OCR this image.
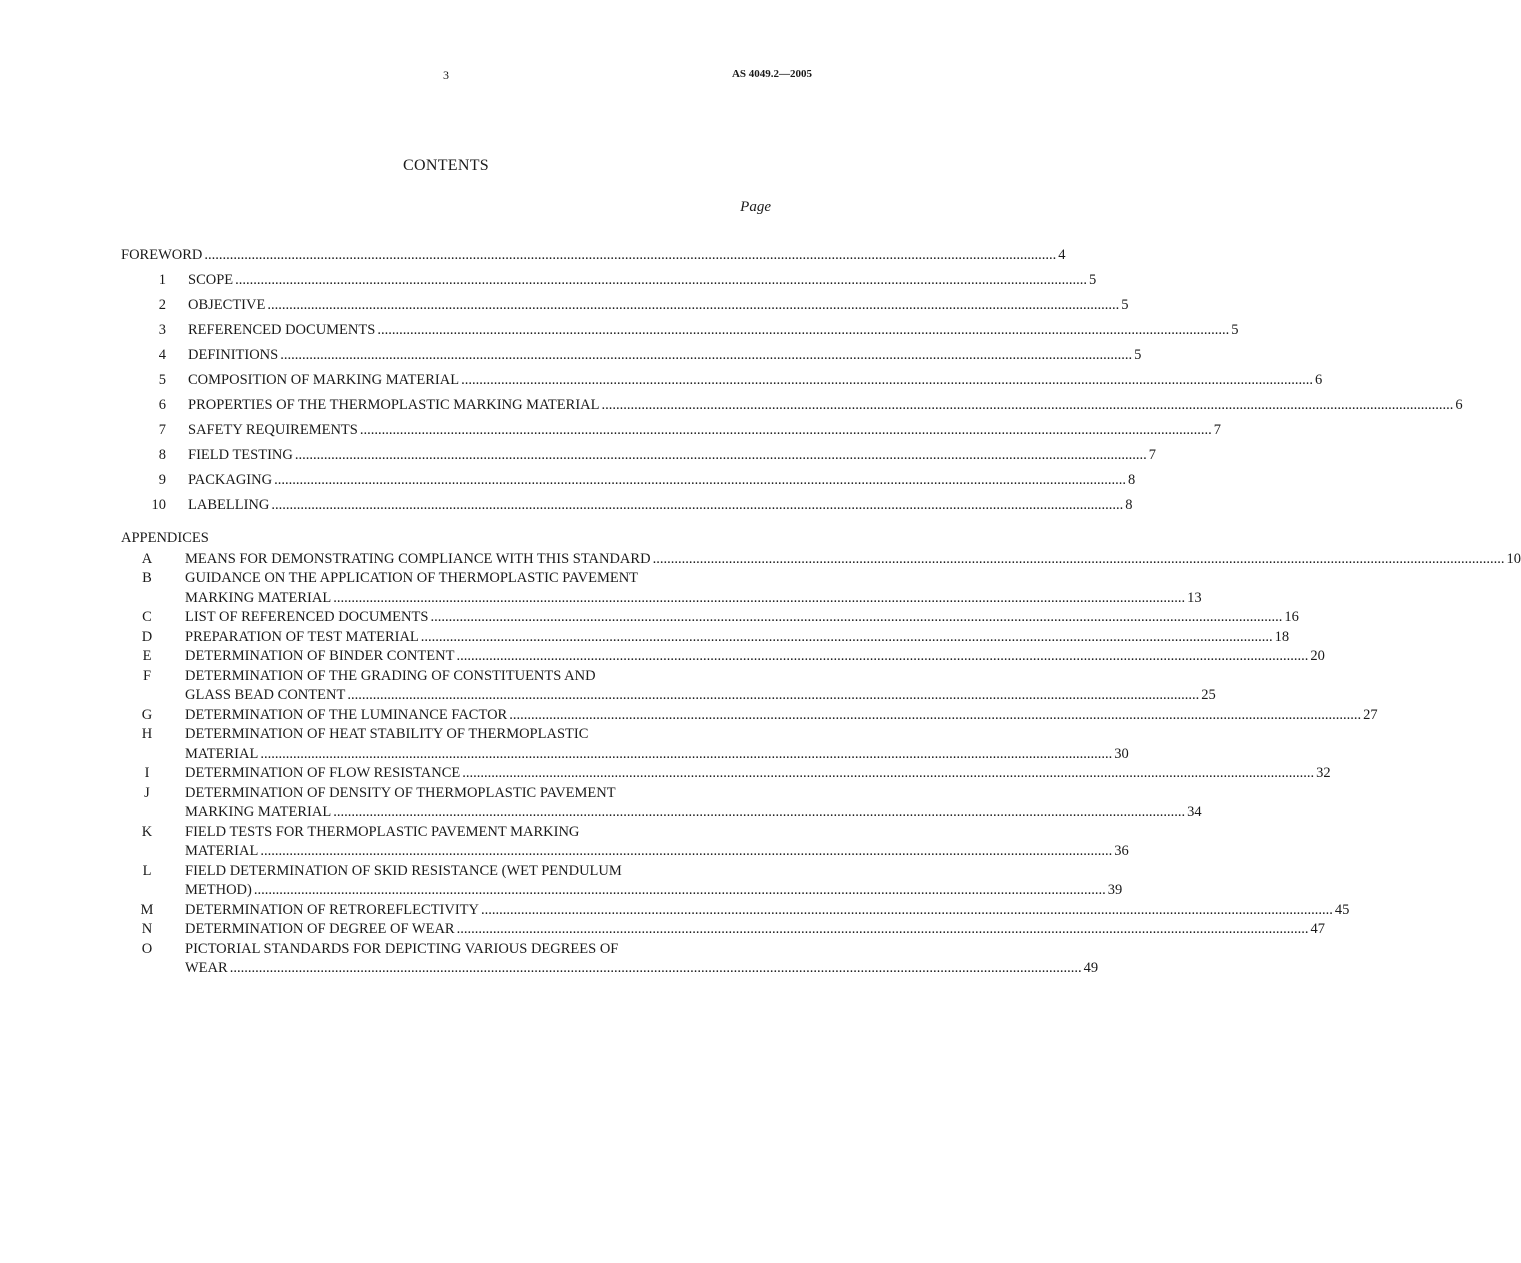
3	AS 4049.2—2005
CONTENTS
Page
FOREWORD .....	4
1	SCOPE .....	5
2	OBJECTIVE .....	5
3	REFERENCED DOCUMENTS .....	5
4	DEFINITIONS .....	5
5	COMPOSITION OF MARKING MATERIAL .....	6
6	PROPERTIES OF THE THERMOPLASTIC MARKING MATERIAL .....	6
7	SAFETY REQUIREMENTS .....	7
8	FIELD TESTING .....	7
9	PACKAGING .....	8
10	LABELLING .....	8
APPENDICES
A MEANS FOR DEMONSTRATING COMPLIANCE WITH THIS STANDARD .....	10
B GUIDANCE ON THE APPLICATION OF THERMOPLASTIC PAVEMENT
MARKING MATERIAL .....	13
C LIST OF REFERENCED DOCUMENTS .....	16
D PREPARATION OF TEST MATERIAL .....	18
E DETERMINATION OF BINDER CONTENT .....	20
F DETERMINATION OF THE GRADING OF CONSTITUENTS AND
GLASS BEAD CONTENT .....	25
G DETERMINATION OF THE LUMINANCE FACTOR .....	27
H DETERMINATION OF HEAT STABILITY OF THERMOPLASTIC
MATERIAL .....	30
I DETERMINATION OF FLOW RESISTANCE .....	32
J DETERMINATION OF DENSITY OF THERMOPLASTIC PAVEMENT
MARKING MATERIAL .....	34
K FIELD TESTS FOR THERMOPLASTIC PAVEMENT MARKING
MATERIAL .....	36
L FIELD DETERMINATION OF SKID RESISTANCE (WET PENDULUM
METHOD) .....	39
M DETERMINATION OF RETROREFLECTIVITY .....	45
N DETERMINATION OF DEGREE OF WEAR .....	47
O PICTORIAL STANDARDS FOR DEPICTING VARIOUS DEGREES OF
WEAR .....	49
